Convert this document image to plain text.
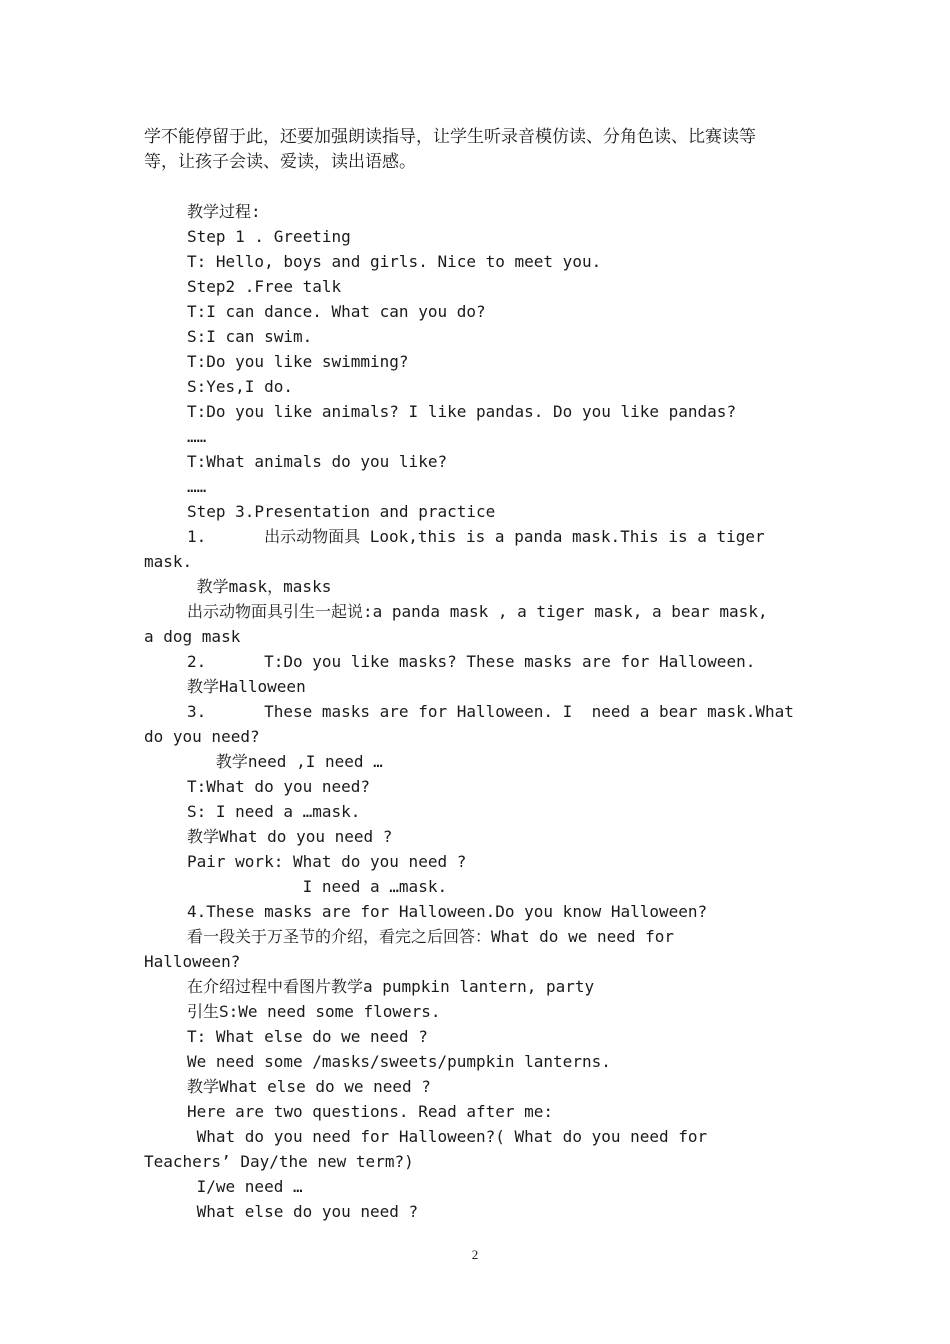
学不能停留于此，还要加强朗读指导，让学生听录音模仿读、分角色读、比赛读等
等，让孩子会读、爱读，读出语感。
教学过程:
Step 1 . Greeting
T: Hello, boys and girls. Nice to meet you.
Step2 .Free talk
T:I can dance. What can you do?
S:I can swim.
T:Do you like swimming?
S:Yes,I do.
T:Do you like animals? I like pandas. Do you like pandas?
……
T:What animals do you like?
……
Step 3.Presentation and practice
1.      出示动物面具 Look,this is a panda mask.This is a tiger
mask.
教学mask，masks
出示动物面具引生一起说:a panda mask , a tiger mask, a bear mask,
a dog mask
2.      T:Do you like masks? These masks are for Halloween.
教学Halloween
3.      These masks are for Halloween. I  need a bear mask.What
do you need?
教学need ,I need …
T:What do you need?
S: I need a …mask.
教学What do you need ?
Pair work: What do you need ?
I need a …mask.
4.These masks are for Halloween.Do you know Halloween?
看一段关于万圣节的介绍，看完之后回答：What do we need for
Halloween?
在介绍过程中看图片教学a pumpkin lantern, party
引生S:We need some flowers.
T: What else do we need ?
We need some /masks/sweets/pumpkin lanterns.
教学What else do we need ?
Here are two questions. Read after me:
What do you need for Halloween?( What do you need for
Teachers’ Day/the new term?)
I/we need …
What else do you need ?
2
